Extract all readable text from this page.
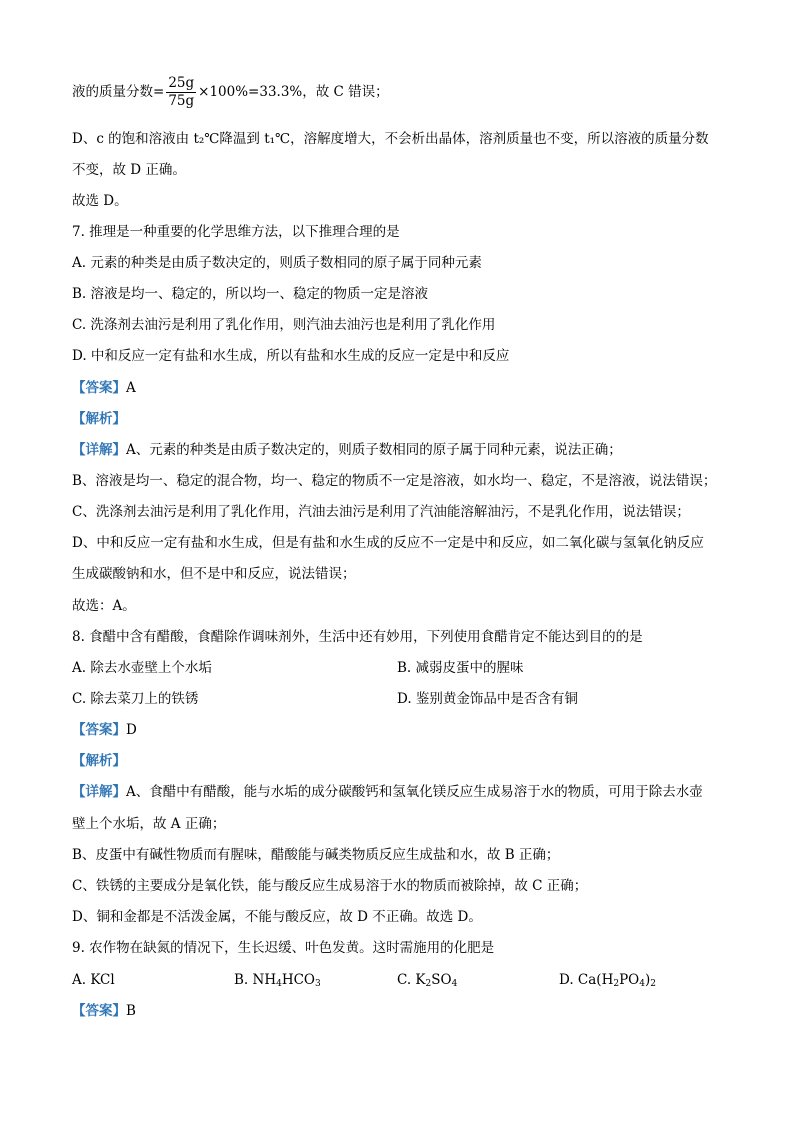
液的质量分数= $\frac{25g}{75g} \times 100\%=33.3\%$，故 C 错误；
D、c 的饱和溶液由 t₂℃降温到 t₁℃，溶解度增大，不会析出晶体，溶剂质量也不变，所以溶液的质量分数
不变，故 D 正确。
故选 D。
7. 推理是一种重要的化学思维方法，以下推理合理的是
A. 元素的种类是由质子数决定的，则质子数相同的原子属于同种元素
B. 溶液是均一、稳定的，所以均一、稳定的物质一定是溶液
C. 洗涤剂去油污是利用了乳化作用，则汽油去油污也是利用了乳化作用
D. 中和反应一定有盐和水生成，所以有盐和水生成的反应一定是中和反应
【答案】A
【解析】
【详解】A、元素的种类是由质子数决定的，则质子数相同的原子属于同种元素，说法正确；
B、溶液是均一、稳定的混合物，均一、稳定的物质不一定是溶液，如水均一、稳定，不是溶液，说法错误；
C、洗涤剂去油污是利用了乳化作用，汽油去油污是利用了汽油能溶解油污，不是乳化作用，说法错误；
D、中和反应一定有盐和水生成，但是有盐和水生成的反应不一定是中和反应，如二氧化碳与氢氧化钠反应
生成碳酸钠和水，但不是中和反应，说法错误；
故选：A。
8. 食醋中含有醋酸，食醋除作调味剂外，生活中还有妙用，下列使用食醋肯定不能达到目的的是
A. 除去水壶壁上个水垢	B. 减弱皮蛋中的腥味
C. 除去菜刀上的铁锈	D. 鉴别黄金饰品中是否含有铜
【答案】D
【解析】
【详解】A、食醋中有醋酸，能与水垢的成分碳酸钙和氢氧化镁反应生成易溶于水的物质，可用于除去水壶
壁上个水垢，故 A 正确；
B、皮蛋中有碱性物质而有腥味，醋酸能与碱类物质反应生成盐和水，故 B 正确；
C、铁锈的主要成分是氧化铁，能与酸反应生成易溶于水的物质而被除掉，故 C 正确；
D、铜和金都是不活泼金属，不能与酸反应，故 D 不正确。故选 D。
9. 农作物在缺氮的情况下，生长迟缓、叶色发黄。这时需施用的化肥是
A. KCl	B. $NH_4HCO_3$	C. $K_2SO_4$	D. $Ca(H_2PO_4)_2$
【答案】B
